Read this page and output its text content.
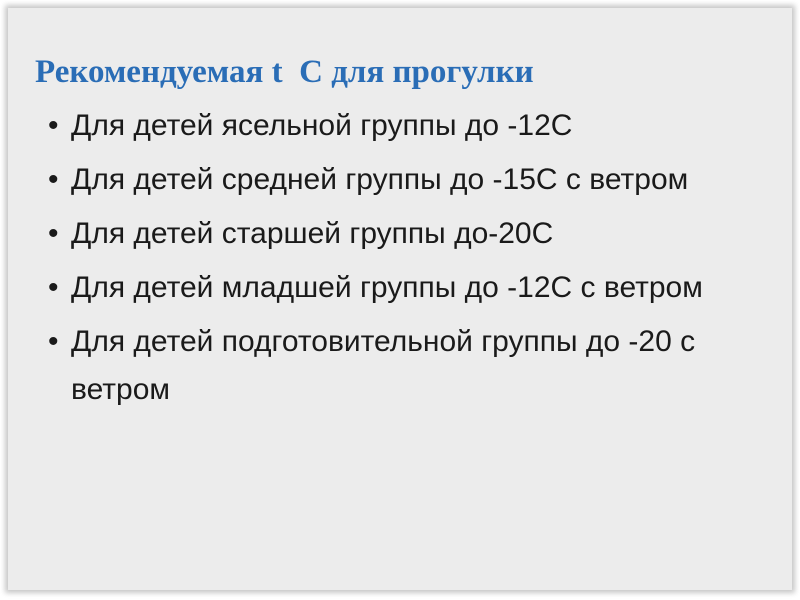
Рекомендуемая t  С для прогулки
• Для детей ясельной группы до -12С
• Для детей средней группы до -15С с ветром
• Для детей старшей группы до-20С
• Для детей младшей группы до -12С с ветром
• Для детей подготовительной группы до -20 с ветром
